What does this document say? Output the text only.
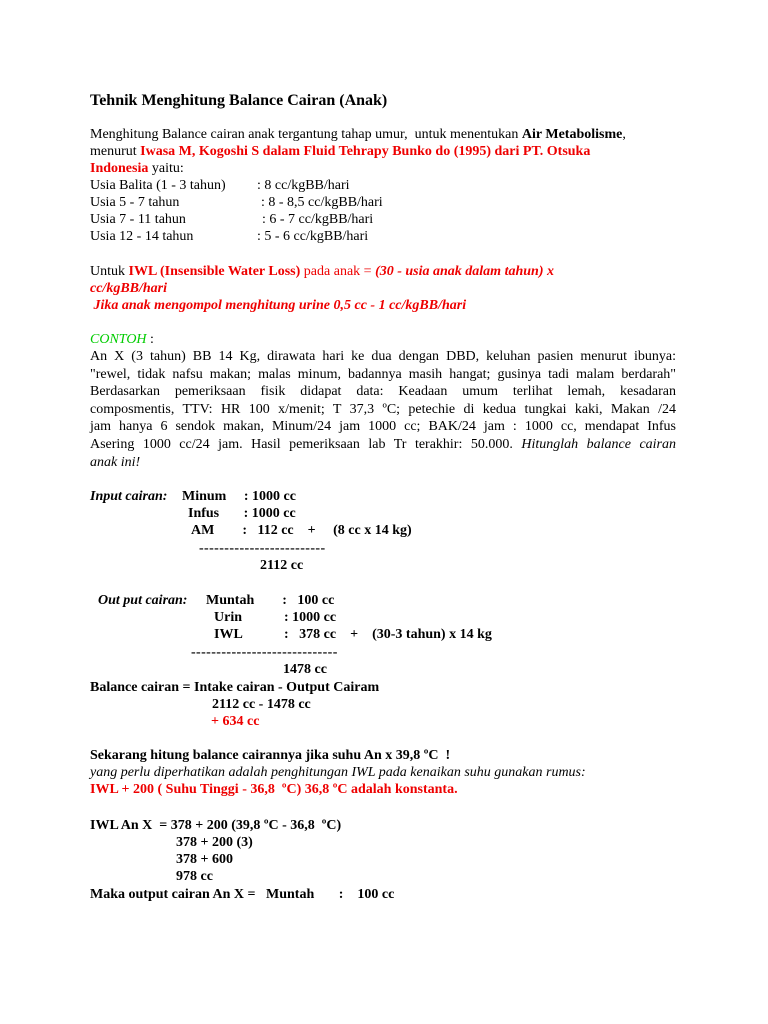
Tehnik Menghitung Balance Cairan (Anak)
Menghitung Balance cairan anak tergantung tahap umur,  untuk menentukan Air Metabolisme,
menurut Iwasa M, Kogoshi S dalam Fluid Tehrapy Bunko do (1995) dari PT. Otsuka
Indonesia yaitu:
Usia Balita (1 - 3 tahun) : 8 cc/kgBB/hari
Usia 5 - 7 tahun	: 8 - 8,5 cc/kgBB/hari
Usia 7 - 11 tahun	: 6 - 7 cc/kgBB/hari
Usia 12 - 14 tahun	: 5 - 6 cc/kgBB/hari
Untuk IWL (Insensible Water Loss) pada anak = (30 - usia anak dalam tahun) x
cc/kgBB/hari
Jika anak mengompol menghitung urine 0,5 cc - 1 cc/kgBB/hari
CONTOH :
An X (3 tahun) BB 14 Kg, dirawata hari ke dua dengan DBD, keluhan pasien menurut ibunya:
"rewel, tidak nafsu makan; malas minum, badannya masih hangat; gusinya tadi malam berdarah"
Berdasarkan pemeriksaan fisik didapat data: Keadaan umum terlihat lemah, kesadaran
composmentis, TTV: HR 100 x/menit; T 37,3 ºC; petechie di kedua tungkai kaki, Makan /24
jam hanya 6 sendok makan, Minum/24 jam 1000 cc; BAK/24 jam : 1000 cc, mendapat Infus
Asering 1000 cc/24 jam. Hasil pemeriksaan lab Tr terakhir: 50.000. Hitunglah balance cairan
anak ini!
Input cairan: Minum     : 1000 cc
Infus       : 1000 cc
AM        :   112 cc    +     (8 cc x 14 kg)
-------------------------
2112 cc
Out put cairan: Muntah        :   100 cc
Urin            : 1000 cc
IWL            :   378 cc    +    (30-3 tahun) x 14 kg
-----------------------------
1478 cc
Balance cairan = Intake cairan - Output Cairam
2112 cc - 1478 cc
+ 634 cc
Sekarang hitung balance cairannya jika suhu An x 39,8 ºC  !
yang perlu diperhatikan adalah penghitungan IWL pada kenaikan suhu gunakan rumus:
IWL + 200 ( Suhu Tinggi - 36,8  ºC) 36,8 ºC adalah konstanta.
IWL An X  = 378 + 200 (39,8 ºC - 36,8  ºC)
378 + 200 (3)
378 + 600
978 cc
Maka output cairan An X =   Muntah       :    100 cc
